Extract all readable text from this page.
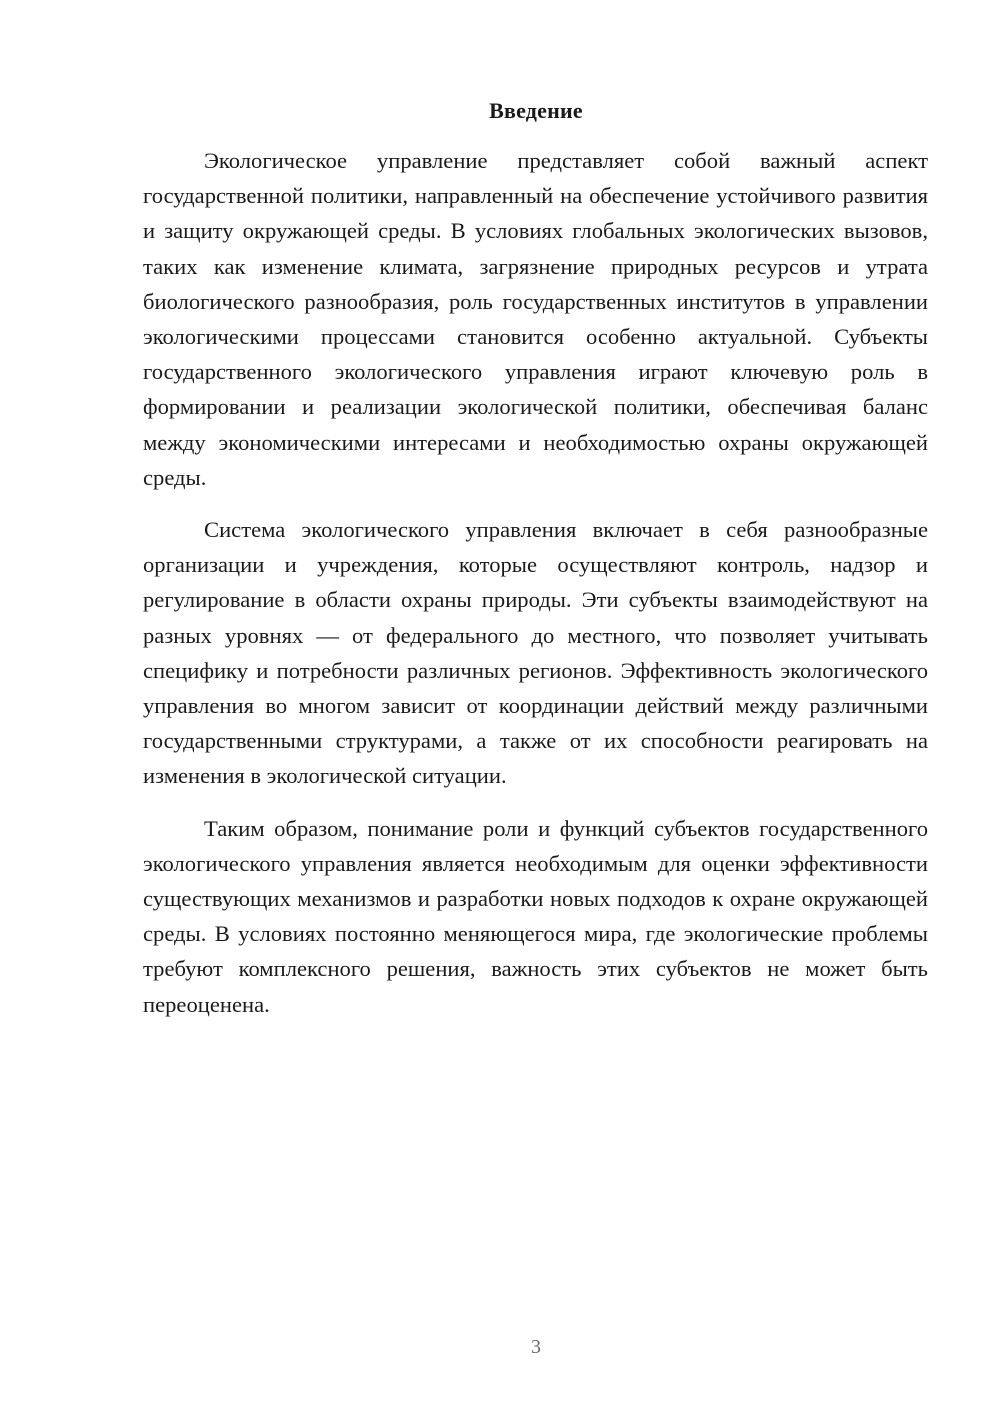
Введение

Экологическое управление представляет собой важный аспект государственной политики, направленный на обеспечение устойчивого развития и защиту окружающей среды. В условиях глобальных экологических вызовов, таких как изменение климата, загрязнение природных ресурсов и утрата биологического разнообразия, роль государственных институтов в управлении экологическими процессами становится особенно актуальной. Субъекты государственного экологического управления играют ключевую роль в формировании и реализации экологической политики, обеспечивая баланс между экономическими интересами и необходимостью охраны окружающей среды.

Система экологического управления включает в себя разнообразные организации и учреждения, которые осуществляют контроль, надзор и регулирование в области охраны природы. Эти субъекты взаимодействуют на разных уровнях — от федерального до местного, что позволяет учитывать специфику и потребности различных регионов. Эффективность экологического управления во многом зависит от координации действий между различными государственными структурами, а также от их способности реагировать на изменения в экологической ситуации.

Таким образом, понимание роли и функций субъектов государственного экологического управления является необходимым для оценки эффективности существующих механизмов и разработки новых подходов к охране окружающей среды. В условиях постоянно меняющегося мира, где экологические проблемы требуют комплексного решения, важность этих субъектов не может быть переоценена.

3
